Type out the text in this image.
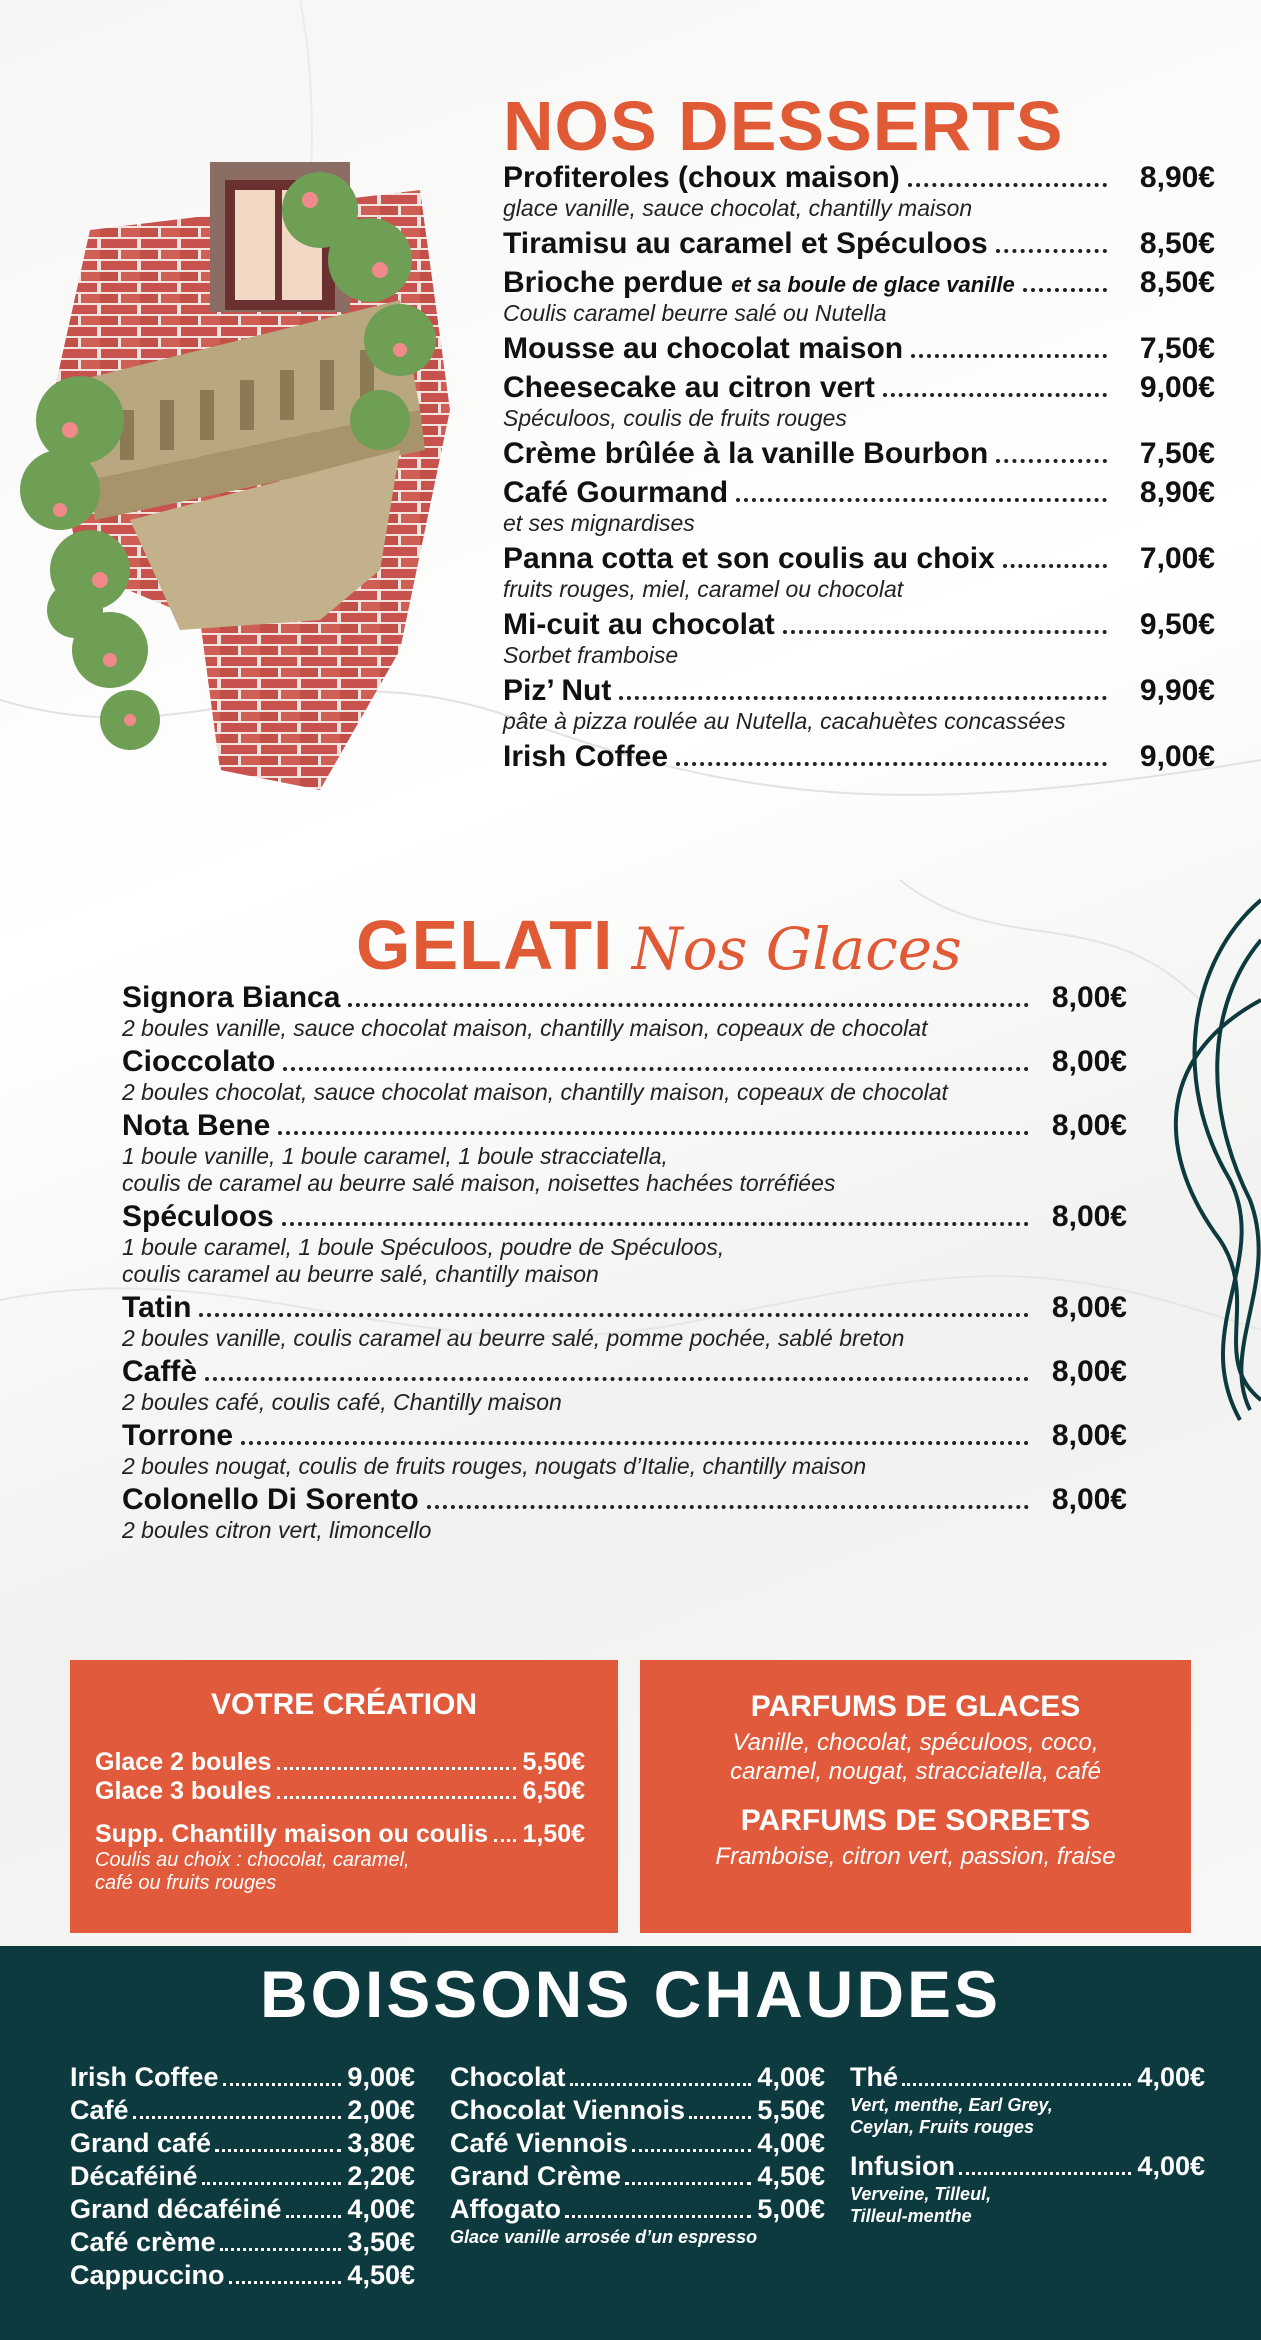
NOS DESSERTS
Profiteroles (choux maison)	8,90€
glace vanille, sauce chocolat, chantilly maison
Tiramisu au caramel et Spéculoos	8,50€
Brioche perdue et sa boule de glace vanille	8,50€
Coulis caramel beurre salé ou Nutella
Mousse au chocolat maison	7,50€
Cheesecake au citron vert	9,00€
Spéculoos, coulis de fruits rouges
Crème brûlée à la vanille Bourbon	7,50€
Café Gourmand	8,90€
et ses mignardises
Panna cotta et son coulis au choix	7,00€
fruits rouges, miel, caramel ou chocolat
Mi-cuit au chocolat	9,50€
Sorbet framboise
Piz’ Nut	9,90€
pâte à pizza roulée au Nutella, cacahuètes concassées
Irish Coffee	9,00€
GELATI Nos Glaces
Signora Bianca	8,00€
2 boules vanille, sauce chocolat maison, chantilly maison, copeaux de chocolat
Cioccolato	8,00€
2 boules chocolat, sauce chocolat maison, chantilly maison, copeaux de chocolat
Nota Bene	8,00€
1 boule vanille, 1 boule caramel, 1 boule stracciatella,
coulis de caramel au beurre salé maison, noisettes hachées torréfiées
Spéculoos	8,00€
1 boule caramel, 1 boule Spéculoos, poudre de Spéculoos,
coulis caramel au beurre salé, chantilly maison
Tatin	8,00€
2 boules vanille, coulis caramel au beurre salé, pomme pochée, sablé breton
Caffè	8,00€
2 boules café, coulis café, Chantilly maison
Torrone	8,00€
2 boules nougat, coulis de fruits rouges, nougats d’Italie, chantilly maison
Colonello Di Sorento	8,00€
2 boules citron vert, limoncello
VOTRE CRÉATION
Glace 2 boules	5,50€
Glace 3 boules	6,50€
Supp. Chantilly maison ou coulis 1,50€
Coulis au choix : chocolat, caramel,
café ou fruits rouges
PARFUMS DE GLACES
Vanille, chocolat, spéculoos, coco,
caramel, nougat, stracciatella, café
PARFUMS DE SORBETS
Framboise, citron vert, passion, fraise
BOISSONS CHAUDES
Irish Coffee	9,00€
Café	2,00€
Grand café	3,80€
Décaféiné	2,20€
Grand décaféiné 4,00€
Café crème	3,50€
Cappuccino	4,50€
Chocolat	4,00€
Chocolat Viennois	5,50€
Café Viennois	4,00€
Grand Crème	4,50€
Affogato	5,00€
Glace vanille arrosée d’un espresso
Thé	4,00€
Vert, menthe, Earl Grey,
Ceylan, Fruits rouges
Infusion	4,00€
Verveine, Tilleul,
Tilleul-menthe
